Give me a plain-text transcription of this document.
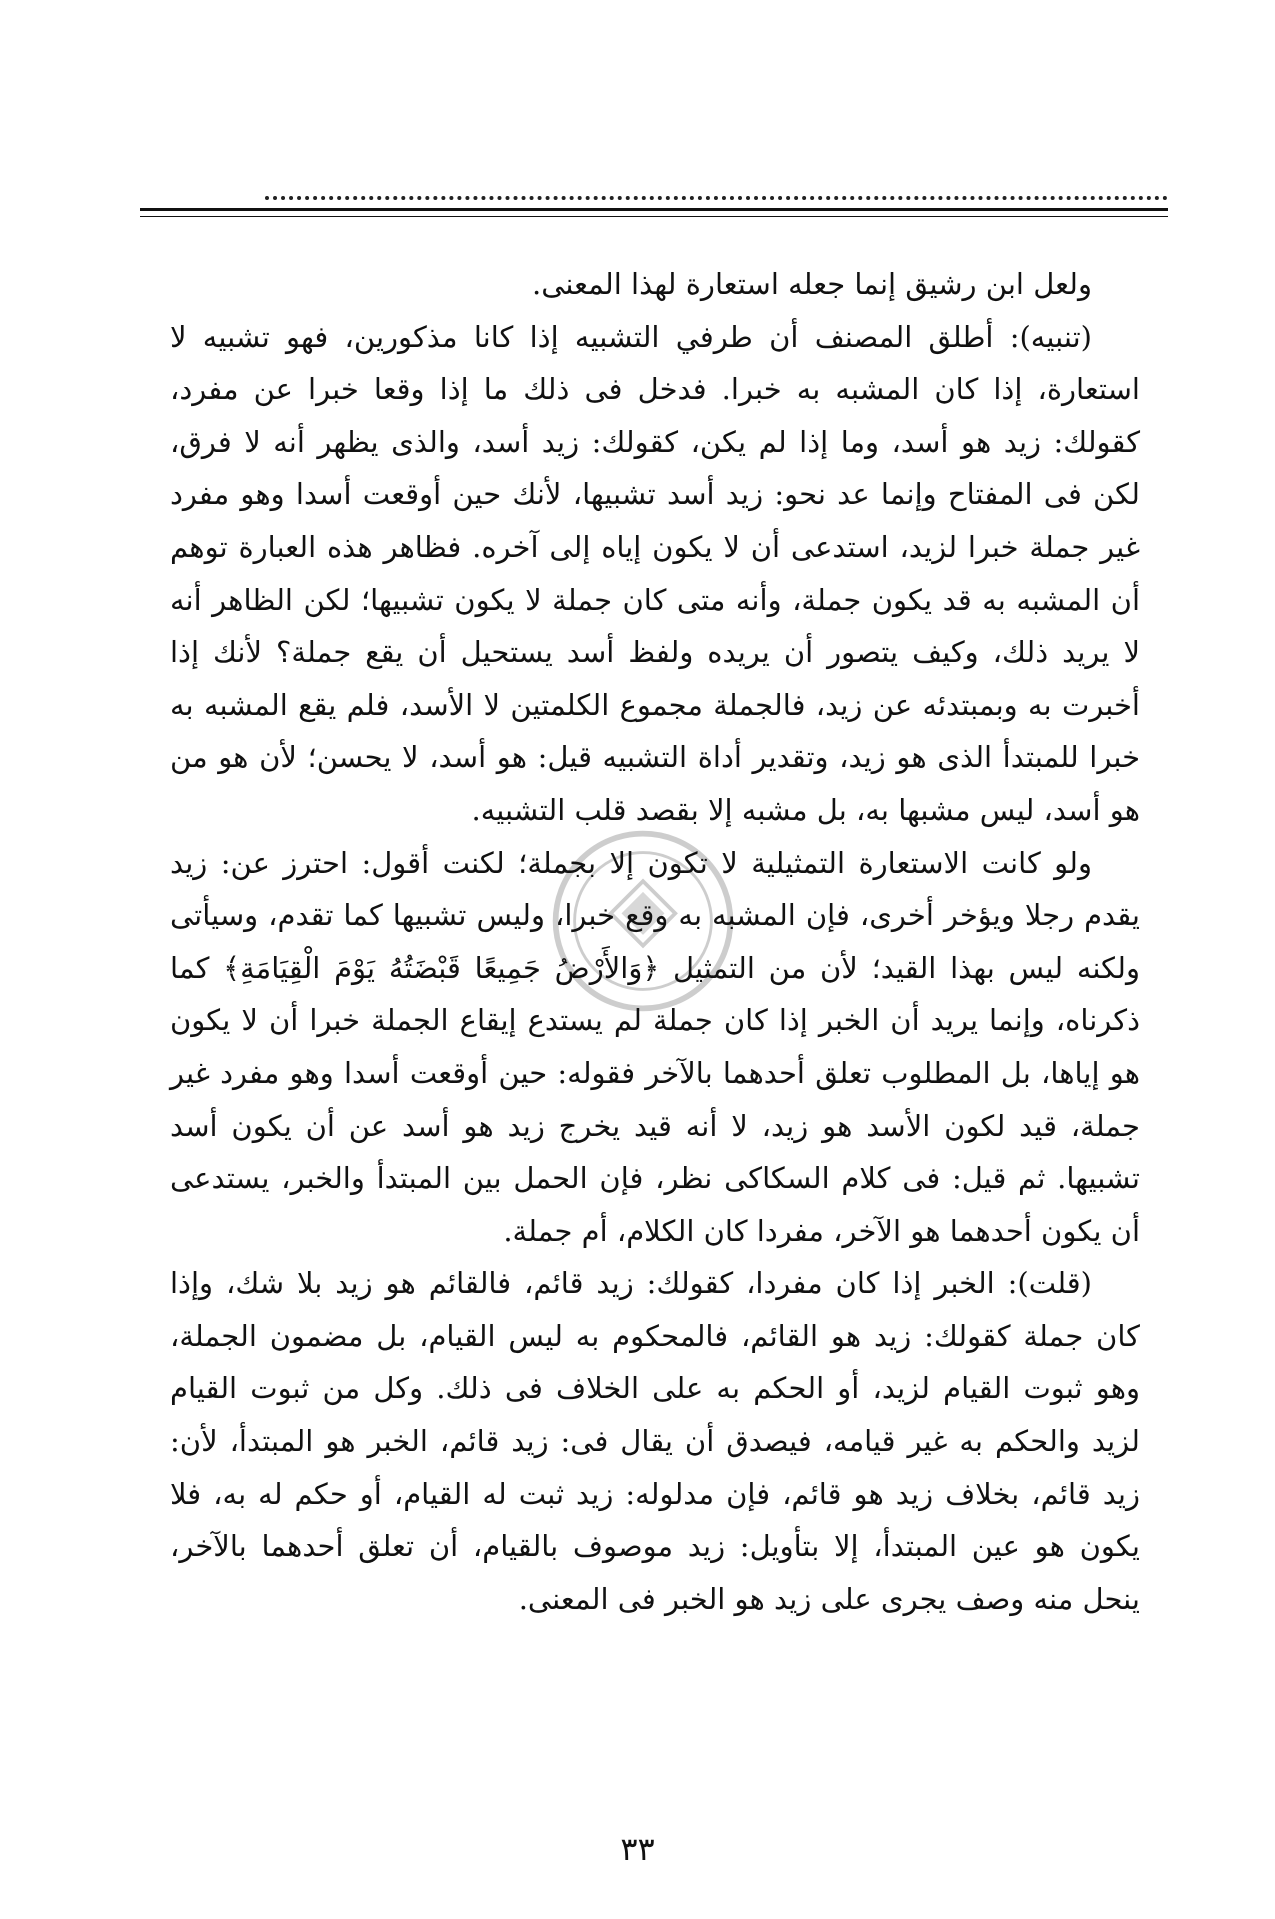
ولعل ابن رشيق إنما جعله استعارة لهذا المعنى.

(تنبيه): أطلق المصنف أن طرفي التشبيه إذا كانا مذكورين، فهو تشبيه لا استعارة، إذا كان المشبه به خبرا. فدخل فى ذلك ما إذا وقعا خبرا عن مفرد، كقولك: زيد هو أسد، وما إذا لم يكن، كقولك: زيد أسد، والذى يظهر أنه لا فرق، لكن فى المفتاح وإنما عد نحو: زيد أسد تشبيها، لأنك حين أوقعت أسدا وهو مفرد غير جملة خبرا لزيد، استدعى أن لا يكون إياه إلى آخره. فظاهر هذه العبارة توهم أن المشبه به قد يكون جملة، وأنه متى كان جملة لا يكون تشبيها؛ لكن الظاهر أنه لا يريد ذلك، وكيف يتصور أن يريده ولفظ أسد يستحيل أن يقع جملة؟ لأنك إذا أخبرت به وبمبتدئه عن زيد، فالجملة مجموع الكلمتين لا الأسد، فلم يقع المشبه به خبرا للمبتدأ الذى هو زيد، وتقدير أداة التشبيه قيل: هو أسد، لا يحسن؛ لأن هو من هو أسد، ليس مشبها به، بل مشبه إلا بقصد قلب التشبيه.

ولو كانت الاستعارة التمثيلية لا تكون إلا بجملة؛ لكنت أقول: احترز عن: زيد يقدم رجلا ويؤخر أخرى، فإن المشبه به وقع خبرا، وليس تشبيها كما تقدم، وسيأتى ولكنه ليس بهذا القيد؛ لأن من التمثيل ﴿وَالأَرْضُ جَمِيعًا قَبْضَتُهُ يَوْمَ الْقِيَامَةِ﴾ كما ذكرناه، وإنما يريد أن الخبر إذا كان جملة لم يستدع إيقاع الجملة خبرا أن لا يكون هو إياها، بل المطلوب تعلق أحدهما بالآخر فقوله: حين أوقعت أسدا وهو مفرد غير جملة، قيد لكون الأسد هو زيد، لا أنه قيد يخرج زيد هو أسد عن أن يكون أسد تشبيها. ثم قيل: فى كلام السكاكى نظر، فإن الحمل بين المبتدأ والخبر، يستدعى أن يكون أحدهما هو الآخر، مفردا كان الكلام، أم جملة.

(قلت): الخبر إذا كان مفردا، كقولك: زيد قائم، فالقائم هو زيد بلا شك، وإذا كان جملة كقولك: زيد هو القائم، فالمحكوم به ليس القيام، بل مضمون الجملة، وهو ثبوت القيام لزيد، أو الحكم به على الخلاف فى ذلك. وكل من ثبوت القيام لزيد والحكم به غير قيامه، فيصدق أن يقال فى: زيد قائم، الخبر هو المبتدأ، لأن: زيد قائم، بخلاف زيد هو قائم، فإن مدلوله: زيد ثبت له القيام، أو حكم له به، فلا يكون هو عين المبتدأ، إلا بتأويل: زيد موصوف بالقيام، أن تعلق أحدهما بالآخر، ينحل منه وصف يجرى على زيد هو الخبر فى المعنى.

٣٣
